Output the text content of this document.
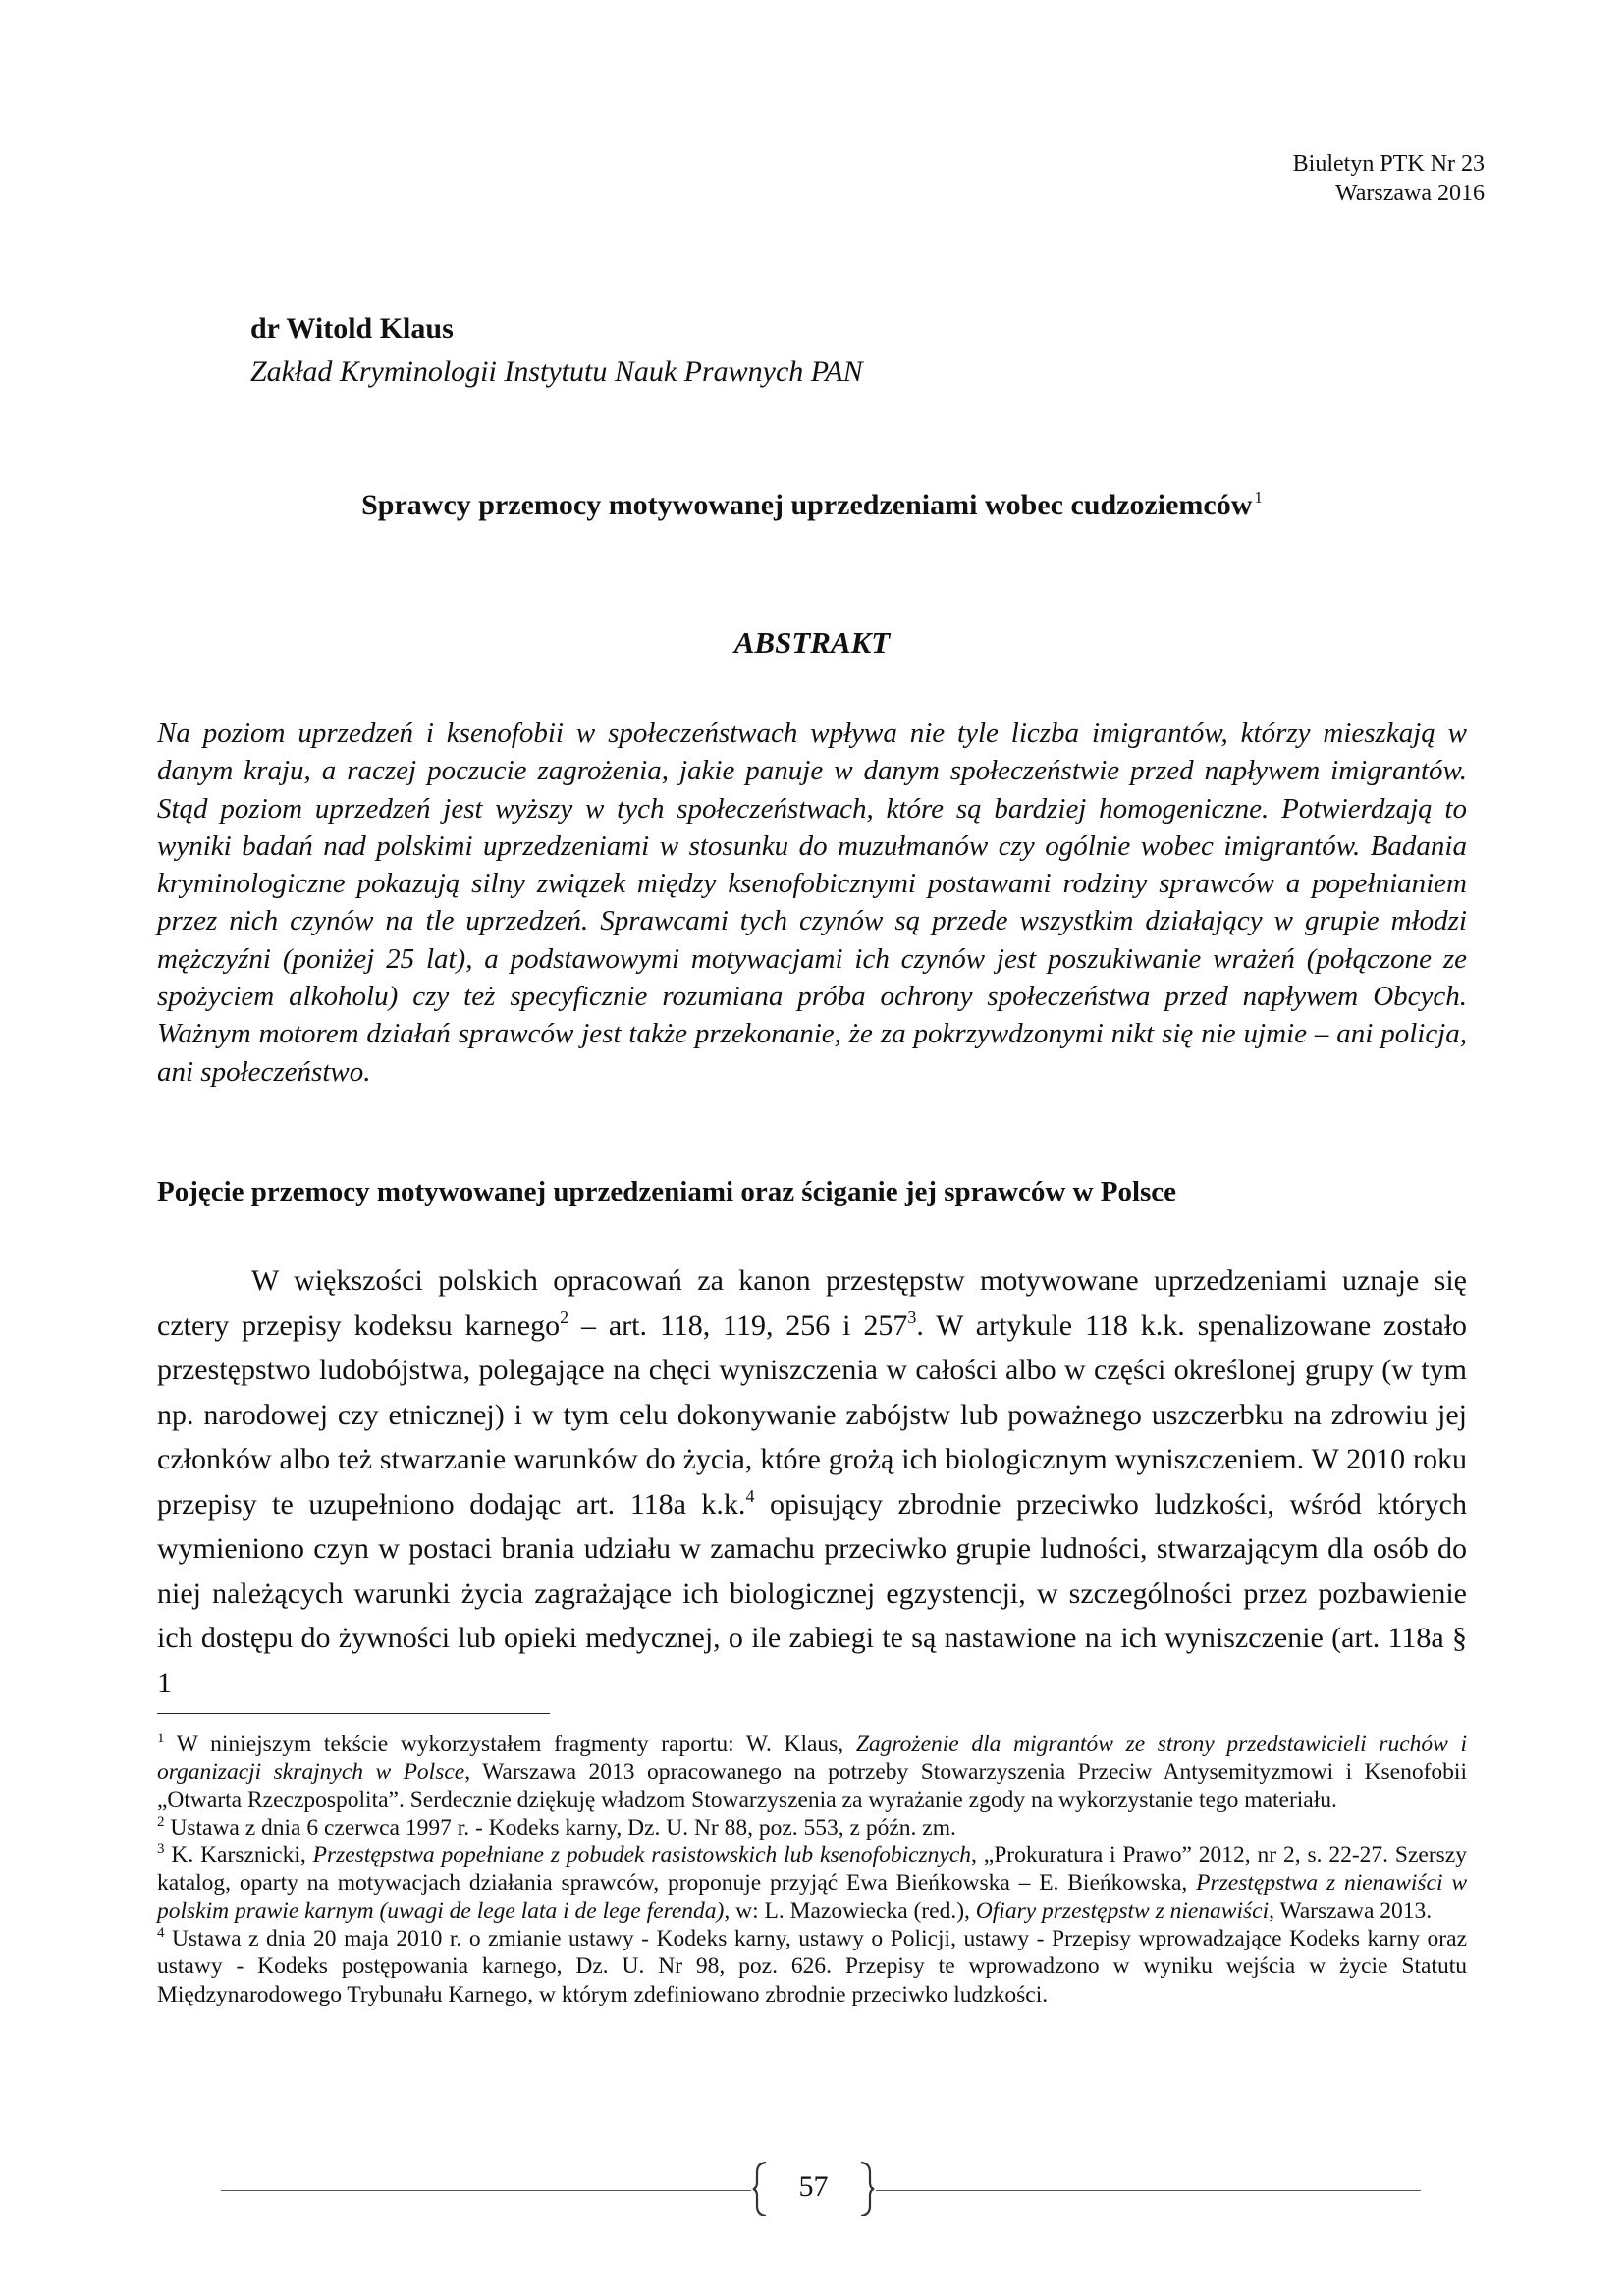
Biuletyn PTK Nr 23
Warszawa 2016
dr Witold Klaus
Zakład Kryminologii Instytutu Nauk Prawnych PAN
Sprawcy przemocy motywowanej uprzedzeniami wobec cudzoziemców $^1$
ABSTRAKT
Na poziom uprzedzeń i ksenofobii w społeczeństwach wpływa nie tyle liczba imigrantów, którzy mieszkają w danym kraju, a raczej poczucie zagrożenia, jakie panuje w danym społeczeństwie przed napływem imigrantów. Stąd poziom uprzedzeń jest wyższy w tych społeczeństwach, które są bardziej homogeniczne. Potwierdzają to wyniki badań nad polskimi uprzedzeniami w stosunku do muzułmanów czy ogólnie wobec imigrantów. Badania kryminologiczne pokazują silny związek między ksenofobicznymi postawami rodziny sprawców a popełnianiem przez nich czynów na tle uprzedzeń. Sprawcami tych czynów są przede wszystkim działający w grupie młodzi mężczyźni (poniżej 25 lat), a podstawowymi motywacjami ich czynów jest poszukiwanie wrażeń (połączone ze spożyciem alkoholu) czy też specyficznie rozumiana próba ochrony społeczeństwa przed napływem Obcych. Ważnym motorem działań sprawców jest także przekonanie, że za pokrzywdzonymi nikt się nie ujmie – ani policja, ani społeczeństwo.
Pojęcie przemocy motywowanej uprzedzeniami oraz ściganie jej sprawców w Polsce
W większości polskich opracowań za kanon przestępstw motywowane uprzedzeniami uznaje się cztery przepisy kodeksu karnego$^2$ – art. 118, 119, 256 i $257^3$. W artykule 118 k.k. spenalizowane zostało przestępstwo ludobójstwa, polegające na chęci wyniszczenia w całości albo w części określonej grupy (w tym np. narodowej czy etnicznej) i w tym celu dokonywanie zabójstw lub poważnego uszczerbku na zdrowiu jej członków albo też stwarzanie warunków do życia, które grożą ich biologicznym wyniszczeniem. W 2010 roku przepisy te uzupełniono dodając art. 118a k.k.$^4$ opisujący zbrodnie przeciwko ludzkości, wśród których wymieniono czyn w postaci brania udziału w zamachu przeciwko grupie ludności, stwarzającym dla osób do niej należących warunki życia zagrażające ich biologicznej egzystencji, w szczególności przez pozbawienie ich dostępu do żywności lub opieki medycznej, o ile zabiegi te są nastawione na ich wyniszczenie (art. 118a § 1

$^1$ W niniejszym tekście wykorzystałem fragmenty raportu: W. Klaus, Zagrożenie dla migrantów ze strony przedstawicieli ruchów i organizacji skrajnych w Polsce, Warszawa 2013 opracowanego na potrzeby Stowarzyszenia Przeciw Antysemityzmowi i Ksenofobii „Otwarta Rzeczpospolita”. Serdecznie dziękuję władzom Stowarzyszenia za wyrażanie zgody na wykorzystanie tego materiału.

$^2$ Ustawa z dnia 6 czerwca 1997 r. - Kodeks karny, Dz. U. Nr 88, poz. 553, z późn. zm.

$^3$ K. Karsznicki, Przestępstwa popełniane z pobudek rasistowskich lub ksenofobicznych, „Prokuratura i Prawo” 2012, nr 2, s. 22-27. Szerszy katalog, oparty na motywacjach działania sprawców, proponuje przyjąć Ewa Bieńkowska – E. Bieńkowska, Przestępstwa z nienawiści w polskim prawie karnym (uwagi de lege lata i de lege ferenda), w: L. Mazowiecka (red.), Ofiary przestępstw z nienawiści, Warszawa 2013.

$^4$ Ustawa z dnia 20 maja 2010 r. o zmianie ustawy - Kodeks karny, ustawy o Policji, ustawy - Przepisy wprowadzające Kodeks karny oraz ustawy - Kodeks postępowania karnego, Dz. U. Nr 98, poz. 626. Przepisy te wprowadzono w wyniku wejścia w życie Statutu Międzynarodowego Trybunału Karnego, w którym zdefiniowano zbrodnie przeciwko ludzkości.

57
